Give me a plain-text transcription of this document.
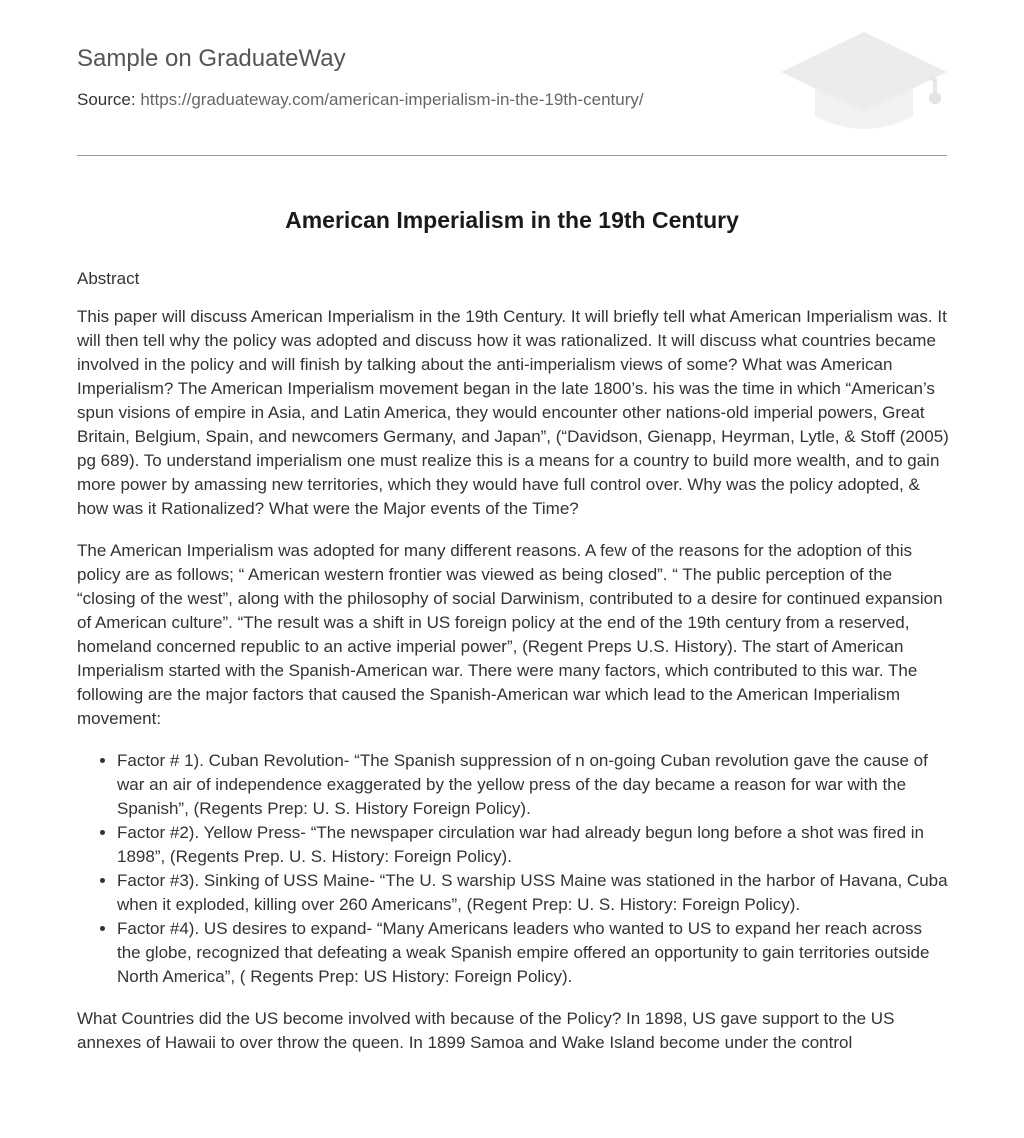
Sample on GraduateWay
Source: https://graduateway.com/american-imperialism-in-the-19th-century/
American Imperialism in the 19th Century

Abstract

This paper will discuss American Imperialism in the 19th Century. It will briefly tell what American Imperialism was. It will then tell why the policy was adopted and discuss how it was rationalized. It will discuss what countries became involved in the policy and will finish by talking about the anti-imperialism views of some? What was American Imperialism? The American Imperialism movement began in the late 1800’s. his was the time in which “American’s spun visions of empire in Asia, and Latin America, they would encounter other nations-old imperial powers, Great Britain, Belgium, Spain, and newcomers Germany, and Japan”, (“Davidson, Gienapp, Heyrman, Lytle, & Stoff (2005) pg 689). To understand imperialism one must realize this is a means for a country to build more wealth, and to gain more power by amassing new territories, which they would have full control over. Why was the policy adopted, & how was it Rationalized? What were the Major events of the Time?

The American Imperialism was adopted for many different reasons. A few of the reasons for the adoption of this policy are as follows; “ American western frontier was viewed as being closed”. “ The public perception of the “closing of the west”, along with the philosophy of social Darwinism, contributed to a desire for continued expansion of American culture”. “The result was a shift in US foreign policy at the end of the 19th century from a reserved, homeland concerned republic to an active imperial power”, (Regent Preps U.S. History). The start of American Imperialism started with the Spanish-American war. There were many factors, which contributed to this war. The following are the major factors that caused the Spanish-American war which lead to the American Imperialism movement:

• Factor # 1). Cuban Revolution- “The Spanish suppression of n on-going Cuban revolution gave the cause of war an air of independence exaggerated by the yellow press of the day became a reason for war with the Spanish”, (Regents Prep: U. S. History Foreign Policy).
• Factor #2). Yellow Press- “The newspaper circulation war had already begun long before a shot was fired in 1898”, (Regents Prep. U. S. History: Foreign Policy).
• Factor #3). Sinking of USS Maine- “The U. S warship USS Maine was stationed in the harbor of Havana, Cuba when it exploded, killing over 260 Americans”, (Regent Prep: U. S. History: Foreign Policy).
• Factor #4). US desires to expand- “Many Americans leaders who wanted to US to expand her reach across the globe, recognized that defeating a weak Spanish empire offered an opportunity to gain territories outside North America”, ( Regents Prep: US History: Foreign Policy).

What Countries did the US become involved with because of the Policy? In 1898, US gave support to the US annexes of Hawaii to over throw the queen. In 1899 Samoa and Wake Island become under the control
